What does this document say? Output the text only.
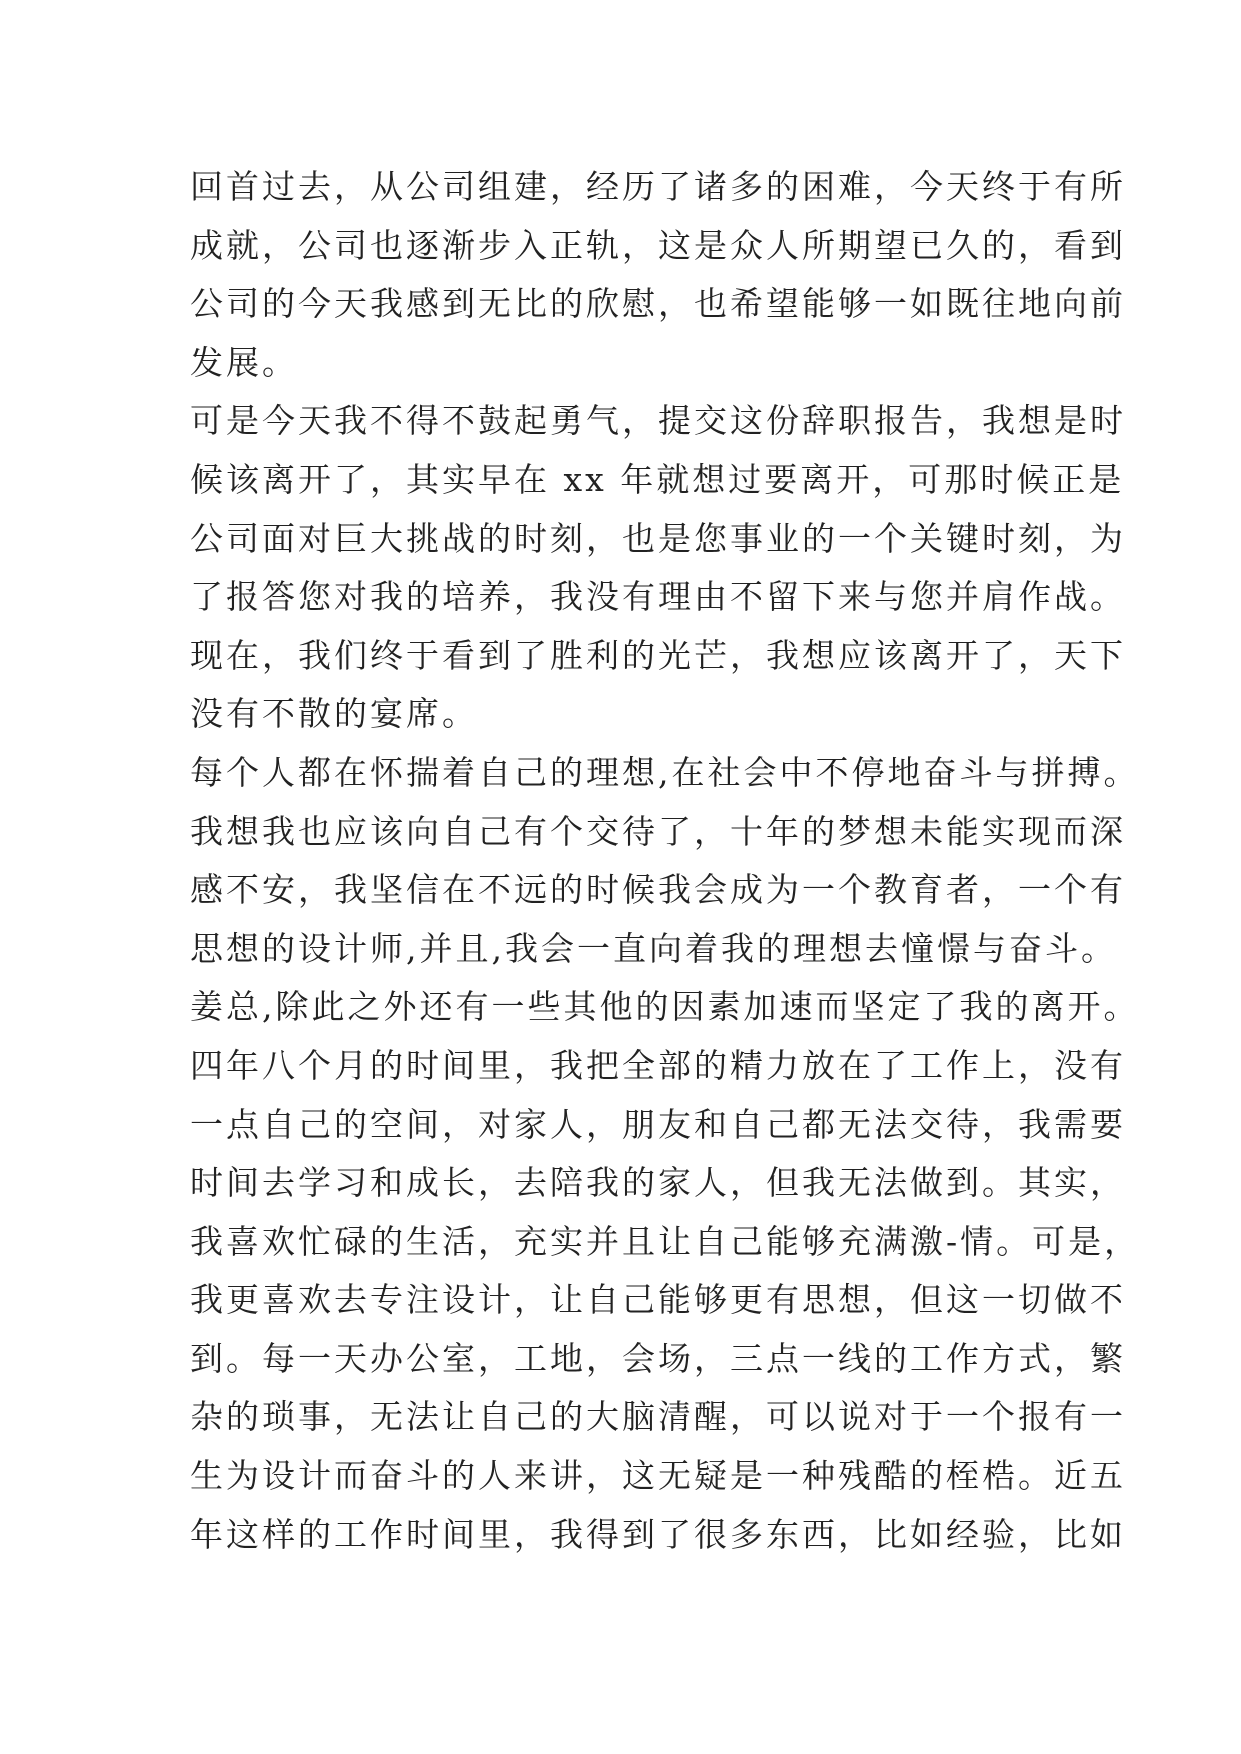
回首过去，从公司组建，经历了诸多的困难，今天终于有所
成就，公司也逐渐步入正轨，这是众人所期望已久的，看到
公司的今天我感到无比的欣慰，也希望能够一如既往地向前
发展。
可是今天我不得不鼓起勇气，提交这份辞职报告，我想是时
候该离开了，其实早在 xx 年就想过要离开，可那时候正是
公司面对巨大挑战的时刻，也是您事业的一个关键时刻，为
了报答您对我的培养，我没有理由不留下来与您并肩作战。
现在，我们终于看到了胜利的光芒，我想应该离开了，天下
没有不散的宴席。
每个人都在怀揣着自己的理想,在社会中不停地奋斗与拼搏。
我想我也应该向自己有个交待了，十年的梦想未能实现而深
感不安，我坚信在不远的时候我会成为一个教育者，一个有
思想的设计师,并且,我会一直向着我的理想去憧憬与奋斗。
姜总,除此之外还有一些其他的因素加速而坚定了我的离开。
四年八个月的时间里，我把全部的精力放在了工作上，没有
一点自己的空间，对家人，朋友和自己都无法交待，我需要
时间去学习和成长，去陪我的家人，但我无法做到。其实，
我喜欢忙碌的生活，充实并且让自己能够充满激-情。可是，
我更喜欢去专注设计，让自己能够更有思想，但这一切做不
到。每一天办公室，工地，会场，三点一线的工作方式，繁
杂的琐事，无法让自己的大脑清醒，可以说对于一个报有一
生为设计而奋斗的人来讲，这无疑是一种残酷的桎梏。近五
年这样的工作时间里，我得到了很多东西，比如经验，比如
